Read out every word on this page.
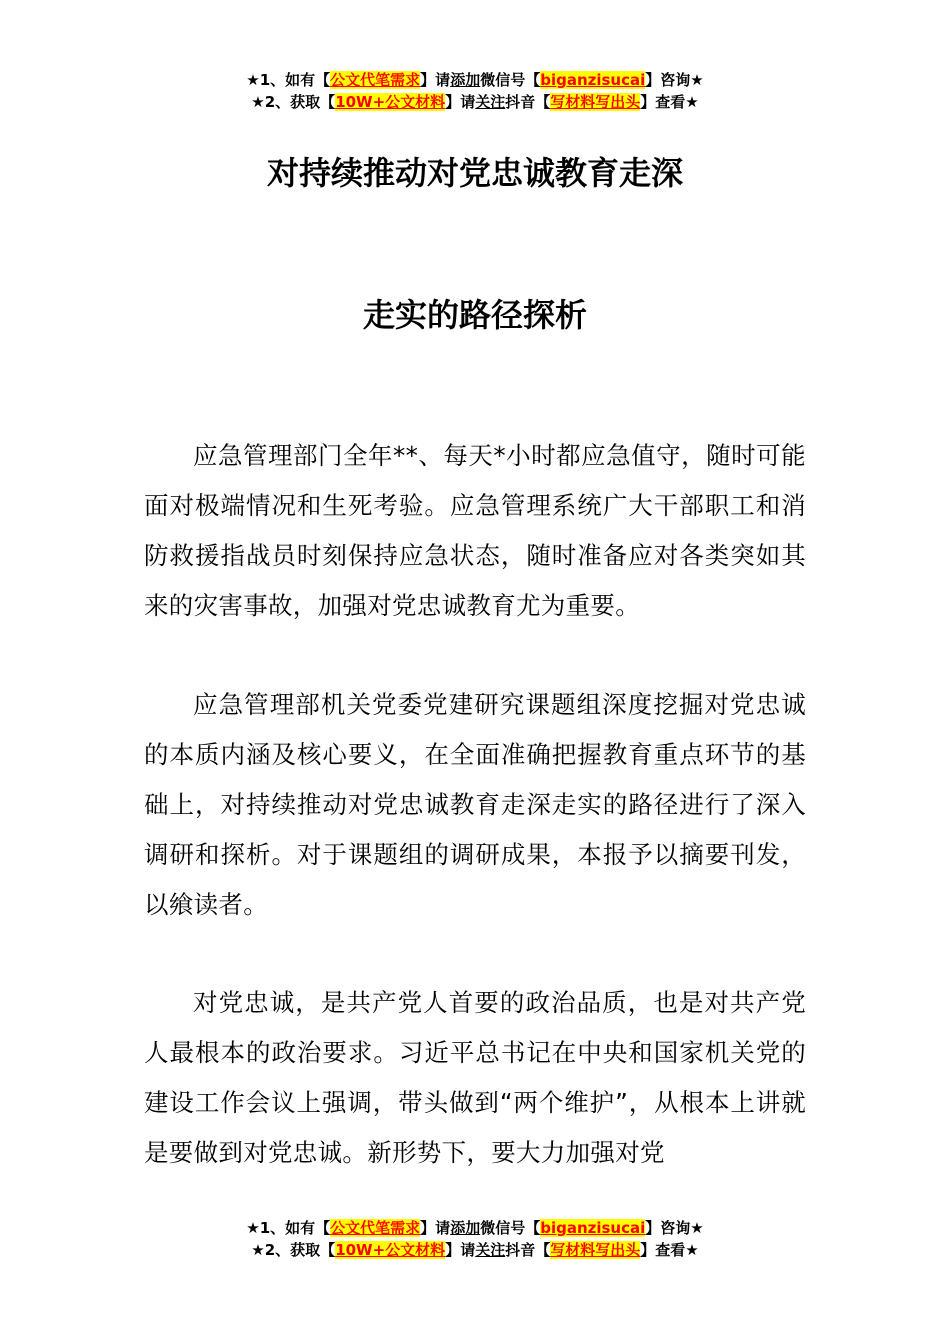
★1、如有【公文代笔需求】请添加微信号【biganzisucai】咨询★
★2、获取【10W+公文材料】请关注抖音【写材料写出头】查看★
对持续推动对党忠诚教育走深
走实的路径探析

应急管理部门全年**、每天*小时都应急值守，随时可能面对极端情况和生死考验。应急管理系统广大干部职工和消防救援指战员时刻保持应急状态，随时准备应对各类突如其来的灾害事故，加强对党忠诚教育尤为重要。

应急管理部机关党委党建研究课题组深度挖掘对党忠诚的本质内涵及核心要义，在全面准确把握教育重点环节的基础上，对持续推动对党忠诚教育走深走实的路径进行了深入调研和探析。对于课题组的调研成果，本报予以摘要刊发，以飨读者。

对党忠诚，是共产党人首要的政治品质，也是对共产党人最根本的政治要求。习近平总书记在中央和国家机关党的建设工作会议上强调，带头做到“两个维护”，从根本上讲就是要做到对党忠诚。新形势下，要大力加强对党

★1、如有【公文代笔需求】请添加微信号【biganzisucai】咨询★
★2、获取【10W+公文材料】请关注抖音【写材料写出头】查看★
